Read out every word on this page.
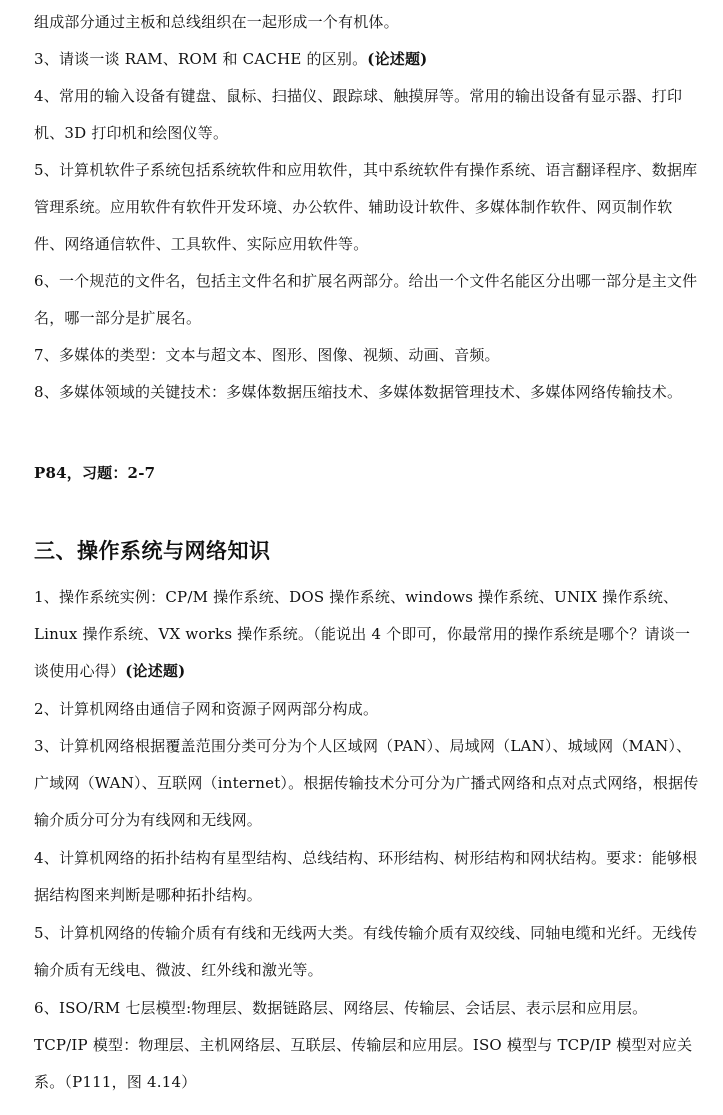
组成部分通过主板和总线组织在一起形成一个有机体。

3、请谈一谈 RAM、ROM 和 CACHE 的区别。(论述题)

4、常用的输入设备有键盘、鼠标、扫描仪、跟踪球、触摸屏等。常用的输出设备有显示器、打印机、3D 打印机和绘图仪等。

5、计算机软件子系统包括系统软件和应用软件，其中系统软件有操作系统、语言翻译程序、数据库管理系统。应用软件有软件开发环境、办公软件、辅助设计软件、多媒体制作软件、网页制作软件、网络通信软件、工具软件、实际应用软件等。

6、一个规范的文件名，包括主文件名和扩展名两部分。给出一个文件名能区分出哪一部分是主文件名，哪一部分是扩展名。

7、多媒体的类型：文本与超文本、图形、图像、视频、动画、音频。

8、多媒体领域的关键技术：多媒体数据压缩技术、多媒体数据管理技术、多媒体网络传输技术。

P84，习题：2-7

三、操作系统与网络知识

1、操作系统实例：CP/M 操作系统、DOS 操作系统、windows 操作系统、UNIX 操作系统、Linux 操作系统、VX works 操作系统。（能说出 4 个即可，你最常用的操作系统是哪个？请谈一谈使用心得）(论述题)

2、计算机网络由通信子网和资源子网两部分构成。

3、计算机网络根据覆盖范围分类可分为个人区域网（PAN）、局域网（LAN）、城域网（MAN）、广域网（WAN）、互联网（internet）。根据传输技术分可分为广播式网络和点对点式网络，根据传输介质分可分为有线网和无线网。

4、计算机网络的拓扑结构有星型结构、总线结构、环形结构、树形结构和网状结构。要求：能够根据结构图来判断是哪种拓扑结构。

5、计算机网络的传输介质有有线和无线两大类。有线传输介质有双绞线、同轴电缆和光纤。无线传输介质有无线电、微波、红外线和激光等。

6、ISO/RM 七层模型:物理层、数据链路层、网络层、传输层、会话层、表示层和应用层。TCP/IP 模型：物理层、主机网络层、互联层、传输层和应用层。ISO 模型与 TCP/IP 模型对应关系。（P111，图 4.14）
